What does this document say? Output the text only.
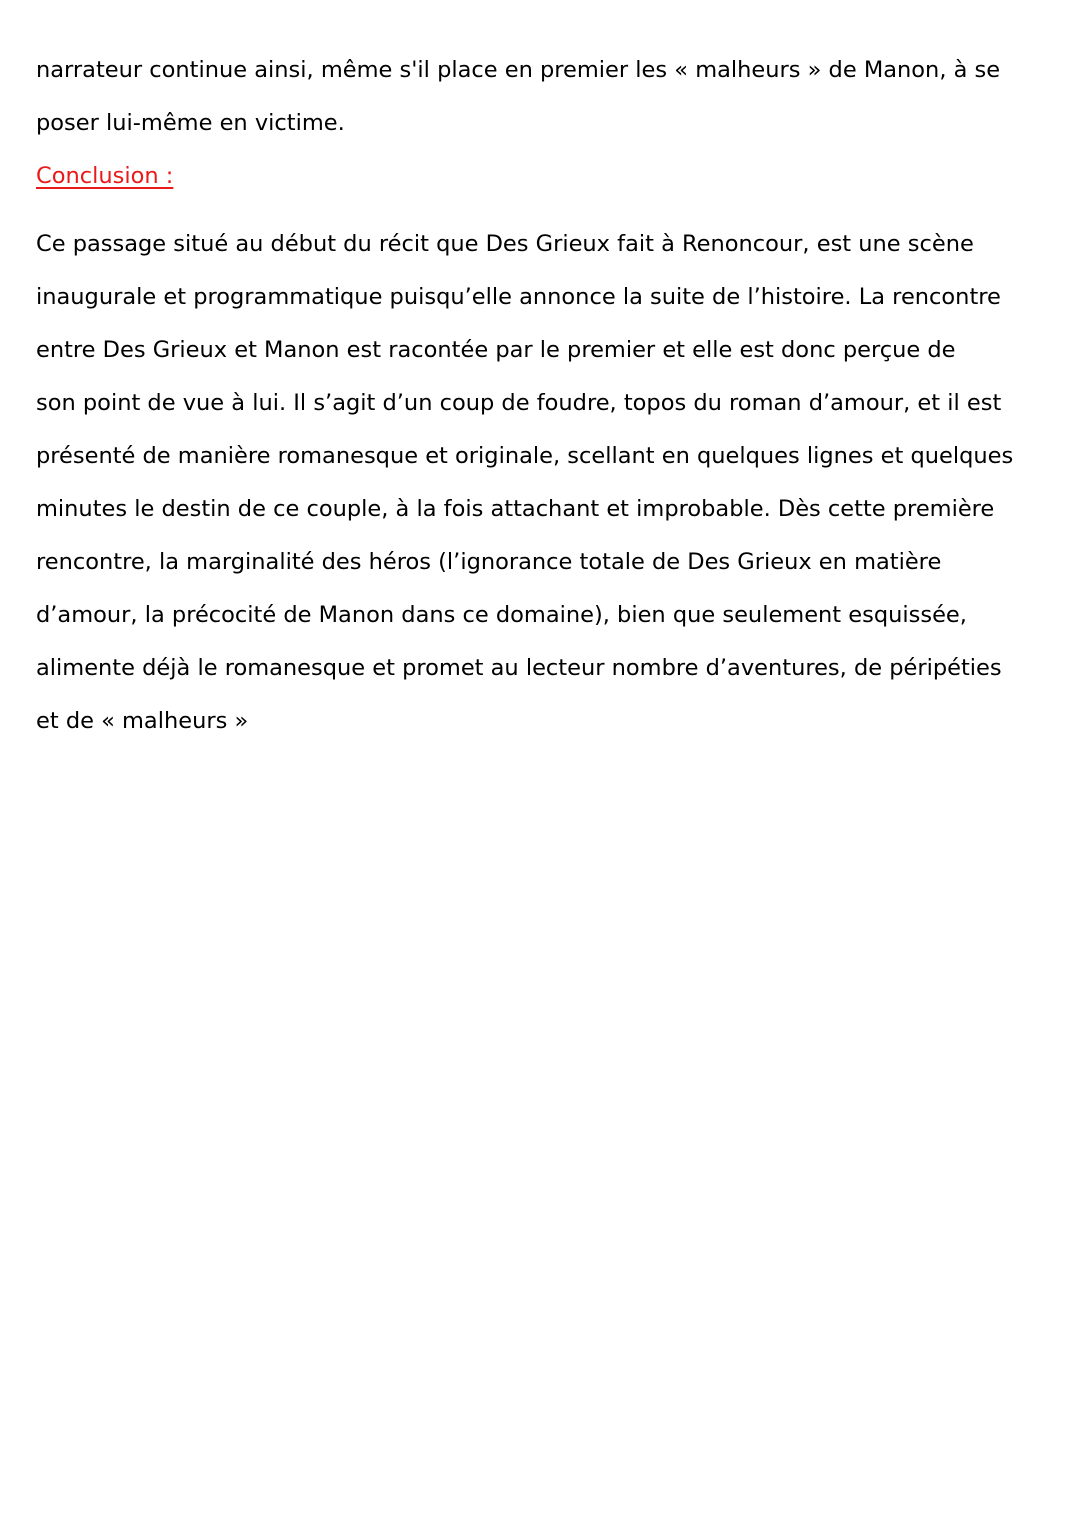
narrateur continue ainsi, même s'il place en premier les « malheurs » de Manon, à se
poser lui-même en victime.
Conclusion :
Ce passage situé au début du récit que Des Grieux fait à Renoncour, est une scène
inaugurale et programmatique puisqu’elle annonce la suite de l’histoire. La rencontre
entre Des Grieux et Manon est racontée par le premier et elle est donc perçue de
son point de vue à lui. Il s’agit d’un coup de foudre, topos du roman d’amour, et il est
présenté de manière romanesque et originale, scellant en quelques lignes et quelques
minutes le destin de ce couple, à la fois attachant et improbable. Dès cette première
rencontre, la marginalité des héros (l’ignorance totale de Des Grieux en matière
d’amour, la précocité de Manon dans ce domaine), bien que seulement esquissée,
alimente déjà le romanesque et promet au lecteur nombre d’aventures, de péripéties
et de « malheurs »
